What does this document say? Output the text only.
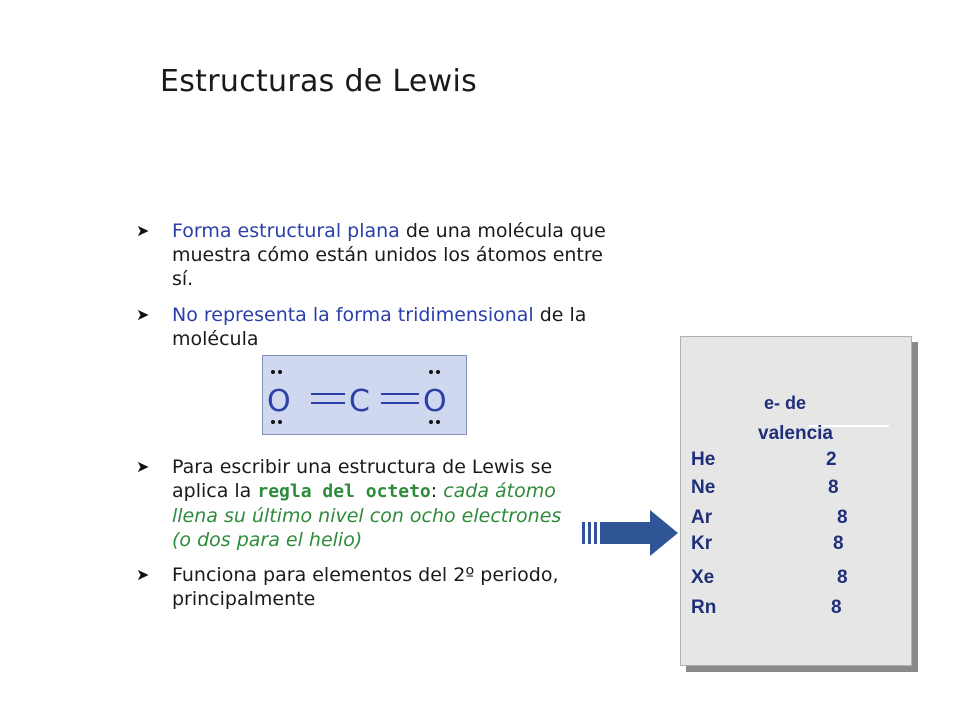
Estructuras de Lewis
➤ Forma estructural plana de una molécula que muestra cómo están unidos los átomos entre sí.
➤ No representa la forma tridimensional de la molécula
O C O
➤ Para escribir una estructura de Lewis se aplica la regla del octeto: cada átomo llena su último nivel con ocho electrones (o dos para el helio)
➤ Funciona para elementos del 2º periodo, principalmente
e- de
valencia
He	2
Ne	8
Ar	8
Kr	8
Xe	8
Rn	8
